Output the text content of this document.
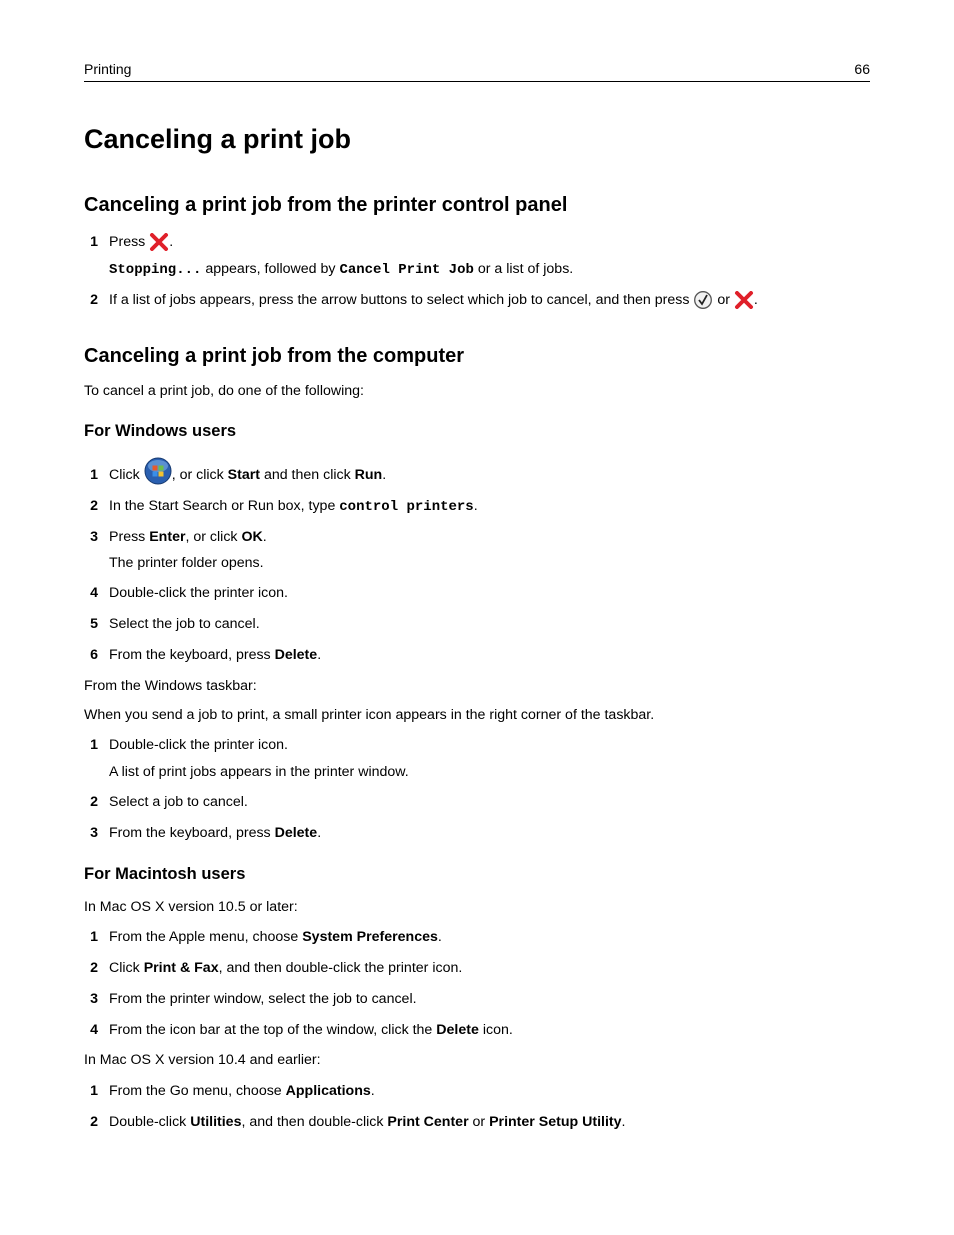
Printing	66
Canceling a print job
Canceling a print job from the printer control panel
1 Press .
Stopping... appears, followed by Cancel Print Job or a list of jobs.
2 If a list of jobs appears, press the arrow buttons to select which job to cancel, and then press  or .
Canceling a print job from the computer

To cancel a print job, do one of the following:

For Windows users
1 Click , or click Start and then click Run.
2 In the Start Search or Run box, type control printers.
3 Press Enter, or click OK.
The printer folder opens.
4 Double-click the printer icon.
5 Select the job to cancel.
6 From the keyboard, press Delete.

From the Windows taskbar:

When you send a job to print, a small printer icon appears in the right corner of the taskbar.

1 Double-click the printer icon.
A list of print jobs appears in the printer window.
2 Select a job to cancel.
3 From the keyboard, press Delete.
For Macintosh users

In Mac OS X version 10.5 or later:

1 From the Apple menu, choose System Preferences.
2 Click Print & Fax, and then double-click the printer icon.
3 From the printer window, select the job to cancel.
4 From the icon bar at the top of the window, click the Delete icon.

In Mac OS X version 10.4 and earlier:

1 From the Go menu, choose Applications.
2 Double-click Utilities, and then double-click Print Center or Printer Setup Utility.
